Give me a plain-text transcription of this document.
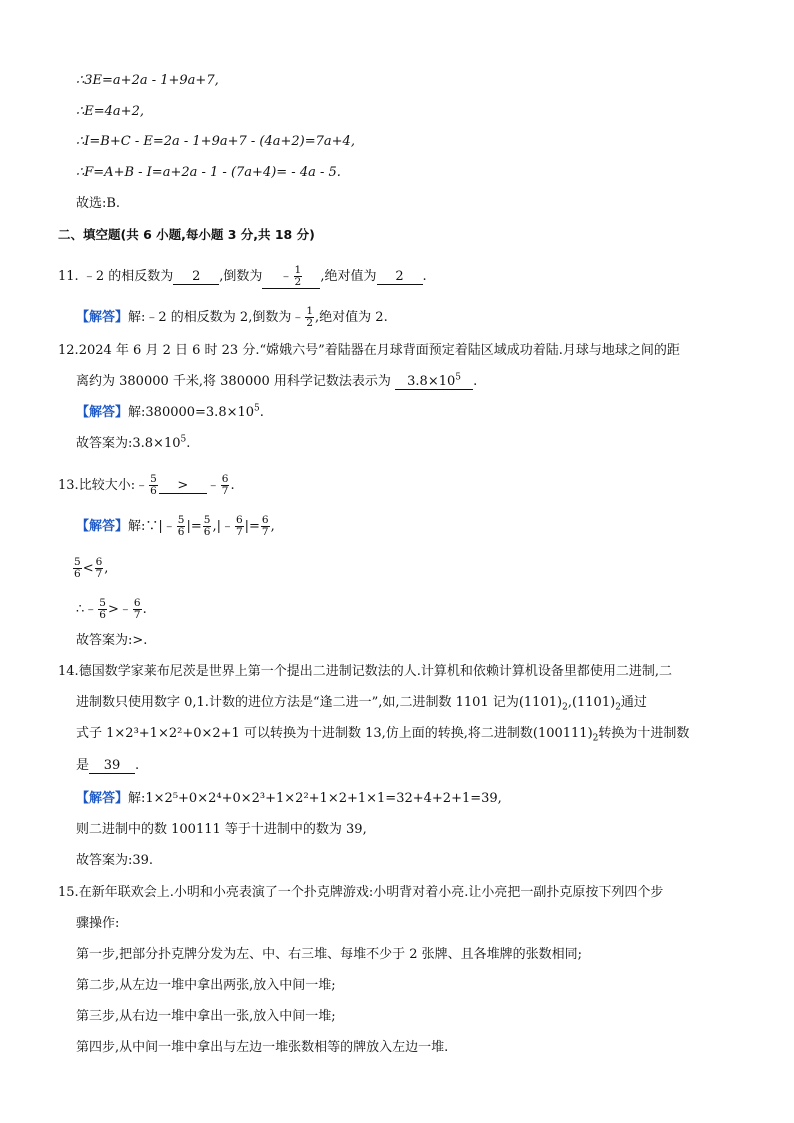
∴3E=a+2a - 1+9a+7,
∴E=4a+2,
∴I=B+C - E=2a - 1+9a+7 - (4a+2)=7a+4,
∴F=A+B - I=a+2a - 1 - (7a+4)= - 4a - 5.
故选:B.
二、填空题(共 6 小题,每小题 3 分,共 18 分)
11. ﹣2 的相反数为 2 ,倒数为 ﹣ $\frac{1}{2}$ ,绝对值为 2 .
【解答】解:﹣2 的相反数为 2,倒数为﹣ $\frac{1}{2}$ ,绝对值为 2.
12.2024 年 6 月 2 日 6 时 23 分.“嫦娥六号”着陆器在月球背面预定着陆区域成功着陆.月球与地球之间的距
离约为 380000 千米,将 380000 用科学记数法表示为 $3.8\times 10^5$ .
【解答】解$:380000=3.8\times 10^5$.
故答案为$:3.8\times 10^5$.
13.比较大小:﹣ $\frac{5}{6}$ > ﹣ $\frac{6}{7}$ .
【解答】解:∵|﹣ $\frac{5}{6}$ |= $\frac{5}{6}$ ,|﹣ $\frac{6}{7}$ |= $\frac{6}{7}$ ,
$\frac{5}{6} < \frac{6}{7}$ ,
∴﹣ $\frac{5}{6}$ >﹣ $\frac{6}{7}$ .
故答案为:>.
14.德国数学家莱布尼茨是世界上第一个提出二进制记数法的人.计算机和依赖计算机设备里都使用二进制,二
进制数只使用数字 0,1.计数的进位方法是“逢二进一”,如,二进制数 1101 记为$(1101)_2,(1101)_2$通过
式子 1×2³+1×2²+0×2+1 可以转换为十进制数 13,仿上面的转换,将二进制数$(100111)_2$转换为十进制数
是 39 .
【解答】解:1×2⁵+0×2⁴+0×2³+1×2²+1×2+1×1=32+4+2+1=39,
则二进制中的数 100111 等于十进制中的数为 39,
故答案为:39.
15.在新年联欢会上.小明和小亮表演了一个扑克牌游戏:小明背对着小亮.让小亮把一副扑克原按下列四个步
骤操作:
第一步,把部分扑克牌分发为左、中、右三堆、每堆不少于 2 张牌、且各堆牌的张数相同;
第二步,从左边一堆中拿出两张,放入中间一堆;
第三步,从右边一堆中拿出一张,放入中间一堆;
第四步,从中间一堆中拿出与左边一堆张数相等的牌放入左边一堆.
